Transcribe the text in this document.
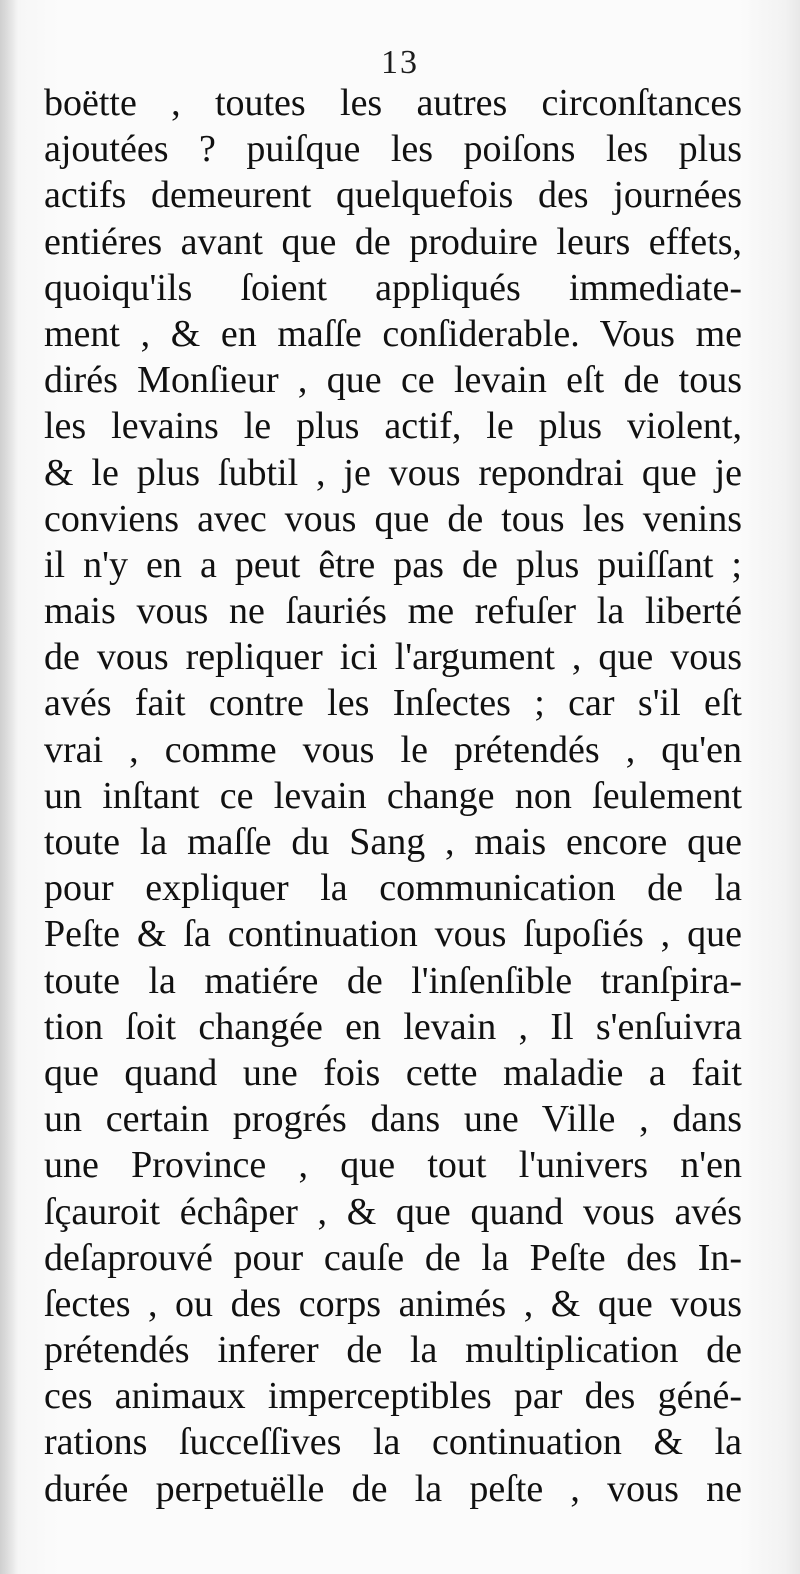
13
boëtte , toutes les autres circonſtances
ajoutées ? puiſque les poiſons les plus
actifs demeurent quelquefois des journées
entiéres avant que de produire leurs effets,
quoiqu'ils ſoient appliqués immediate-
ment , & en maſſe conſiderable. Vous me
dirés Monſieur , que ce levain eſt de tous
les levains le plus actif, le plus violent,
& le plus ſubtil , je vous repondrai que je
conviens avec vous que de tous les venins
il n'y en a peut être pas de plus puiſſant ;
mais vous ne ſauriés me refuſer la liberté
de vous repliquer ici l'argument , que vous
avés fait contre les Inſectes ; car s'il eſt
vrai , comme vous le prétendés , qu'en
un inſtant ce levain change non ſeulement
toute la maſſe du Sang , mais encore que
pour expliquer la communication de la
Peſte & ſa continuation vous ſupoſiés , que
toute la matiére de l'inſenſible tranſpira-
tion ſoit changée en levain , Il s'enſuivra
que quand une fois cette maladie a fait
un certain progrés dans une Ville , dans
une Province , que tout l'univers n'en
ſçauroit échâper , & que quand vous avés
deſaprouvé pour cauſe de la Peſte des In-
ſectes , ou des corps animés , & que vous
prétendés inferer de la multiplication de
ces animaux imperceptibles par des géné-
rations ſucceſſives la continuation & la
durée perpetuëlle de la peſte , vous ne
